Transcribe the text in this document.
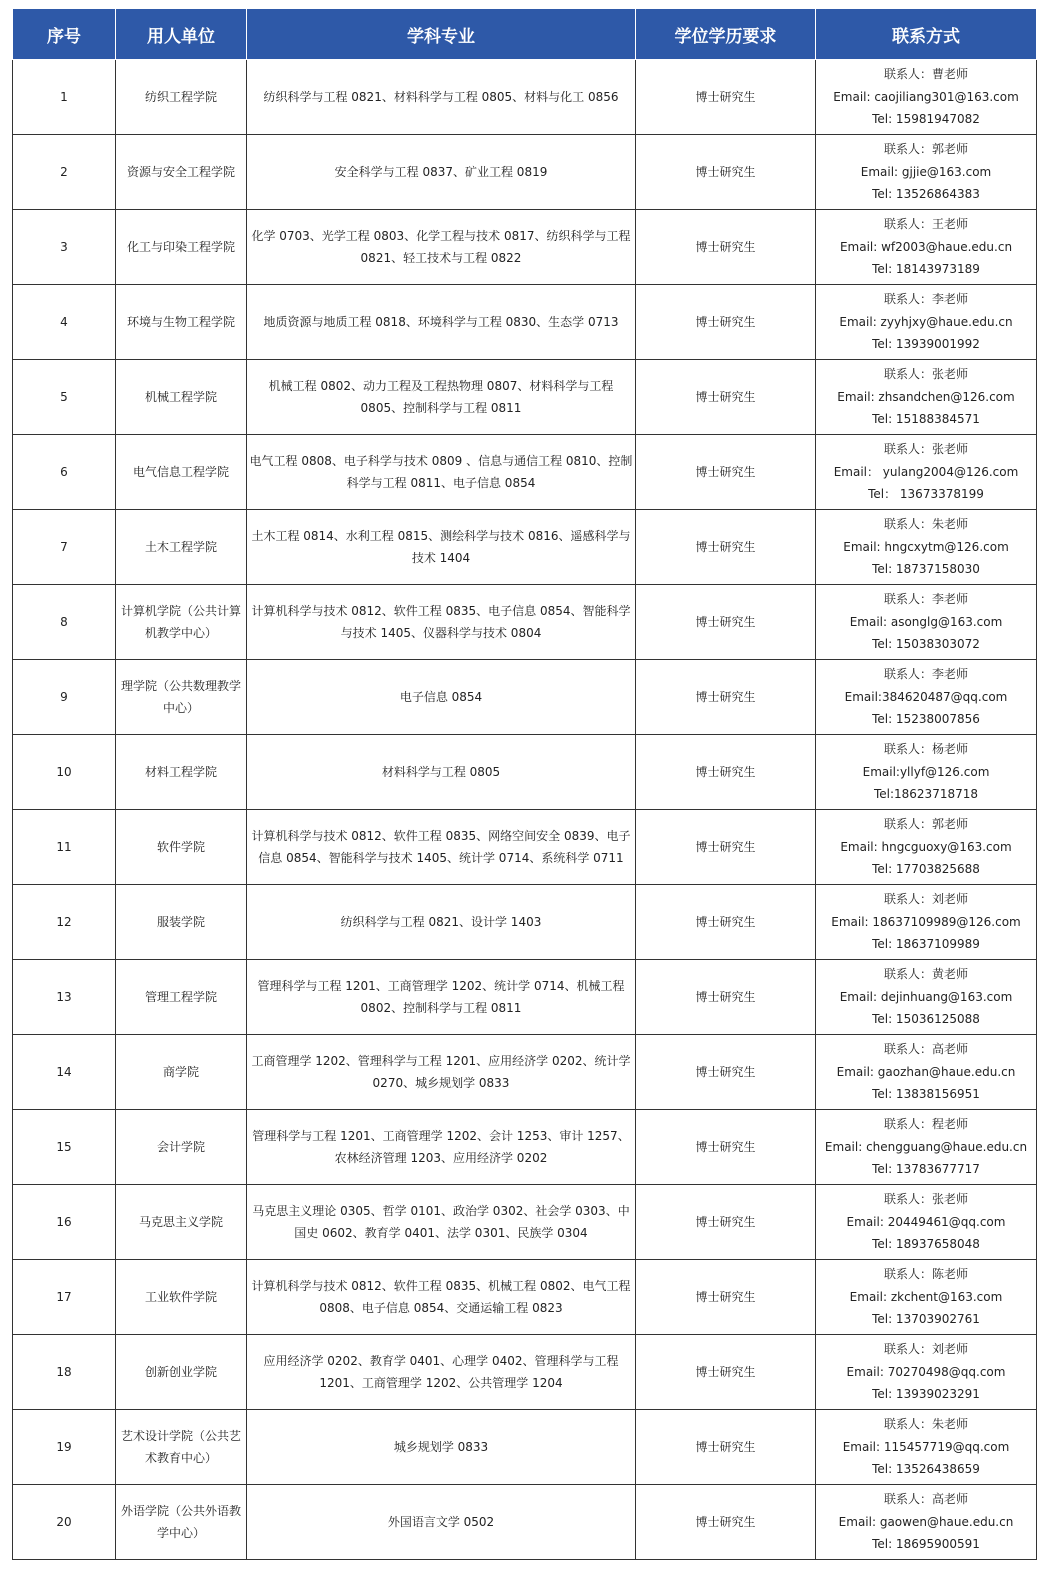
序号	用人单位	学科专业	学位学历要求	联系方式
1	纺织工程学院	纺织科学与工程 0821、材料科学与工程 0805、材料与化工 0856	博士研究生	联系人：曹老师
Email: caojiliang301@163.com
Tel: 15981947082

2	资源与安全工程学院	安全科学与工程 0837、矿业工程 0819	博士研究生	联系人：郭老师
Email: gjjie@163.com
Tel: 13526864383

3	化工与印染工程学院	化学 0703、光学工程 0803、化学工程与技术 0817、纺织科学与工程 0821、轻工技术与工程 0822	博士研究生	联系人：王老师
Email: wf2003@haue.edu.cn
Tel: 18143973189

4	环境与生物工程学院	地质资源与地质工程 0818、环境科学与工程 0830、生态学 0713	博士研究生	联系人：李老师
Email: zyyhjxy@haue.edu.cn
Tel: 13939001992

5	机械工程学院	机械工程 0802、动力工程及工程热物理 0807、材料科学与工程 0805、控制科学与工程 0811	博士研究生	联系人：张老师
Email: zhsandchen@126.com
Tel: 15188384571

6	电气信息工程学院	电气工程 0808、电子科学与技术 0809 、信息与通信工程 0810、控制科学与工程 0811、电子信息 0854	博士研究生	联系人：张老师
Email： yulang2004@126.com
Tel： 13673378199

7	土木工程学院	土木工程 0814、水利工程 0815、测绘科学与技术 0816、遥感科学与技术 1404	博士研究生	联系人：朱老师
Email: hngcxytm@126.com
Tel: 18737158030

8	计算机学院（公共计算机教学中心）	计算机科学与技术 0812、软件工程 0835、电子信息 0854、智能科学与技术 1405、仪器科学与技术 0804	博士研究生	联系人：李老师
Email: asonglg@163.com
Tel: 15038303072

9	理学院（公共数理教学中心）	电子信息 0854	博士研究生	联系人：李老师
Email:384620487@qq.com
Tel: 15238007856

10	材料工程学院	材料科学与工程 0805	博士研究生	联系人：杨老师
Email:yllyf@126.com
Tel:18623718718

11	软件学院	计算机科学与技术 0812、软件工程 0835、网络空间安全 0839、电子信息 0854、智能科学与技术 1405、统计学 0714、系统科学 0711	博士研究生	联系人：郭老师
Email: hngcguoxy@163.com
Tel: 17703825688

12	服装学院	纺织科学与工程 0821、设计学 1403	博士研究生	联系人：刘老师
Email: 18637109989@126.com
Tel: 18637109989

13	管理工程学院	管理科学与工程 1201、工商管理学 1202、统计学 0714、机械工程 0802、控制科学与工程 0811	博士研究生	联系人：黄老师
Email: dejinhuang@163.com
Tel: 15036125088

14	商学院	工商管理学 1202、管理科学与工程 1201、应用经济学 0202、统计学 0270、城乡规划学 0833	博士研究生	联系人：高老师
Email: gaozhan@haue.edu.cn
Tel: 13838156951

15	会计学院	管理科学与工程 1201、工商管理学 1202、会计 1253、审计 1257、农林经济管理 1203、应用经济学 0202	博士研究生	联系人：程老师
Email: chengguang@haue.edu.cn
Tel: 13783677717

16	马克思主义学院	马克思主义理论 0305、哲学 0101、政治学 0302、社会学 0303、中国史 0602、教育学 0401、法学 0301、民族学 0304	博士研究生	联系人：张老师
Email: 20449461@qq.com
Tel: 18937658048

17	工业软件学院	计算机科学与技术 0812、软件工程 0835、机械工程 0802、电气工程 0808、电子信息 0854、交通运输工程 0823	博士研究生	联系人：陈老师
Email: zkchent@163.com
Tel: 13703902761

18	创新创业学院	应用经济学 0202、教育学 0401、心理学 0402、管理科学与工程 1201、工商管理学 1202、公共管理学 1204	博士研究生	联系人：刘老师
Email: 70270498@qq.com
Tel: 13939023291

19	艺术设计学院（公共艺术教育中心）	城乡规划学 0833	博士研究生	联系人：朱老师
Email: 115457719@qq.com
Tel: 13526438659

20	外语学院（公共外语教学中心）	外国语言文学 0502	博士研究生	联系人：高老师
Email: gaowen@haue.edu.cn
Tel: 18695900591
